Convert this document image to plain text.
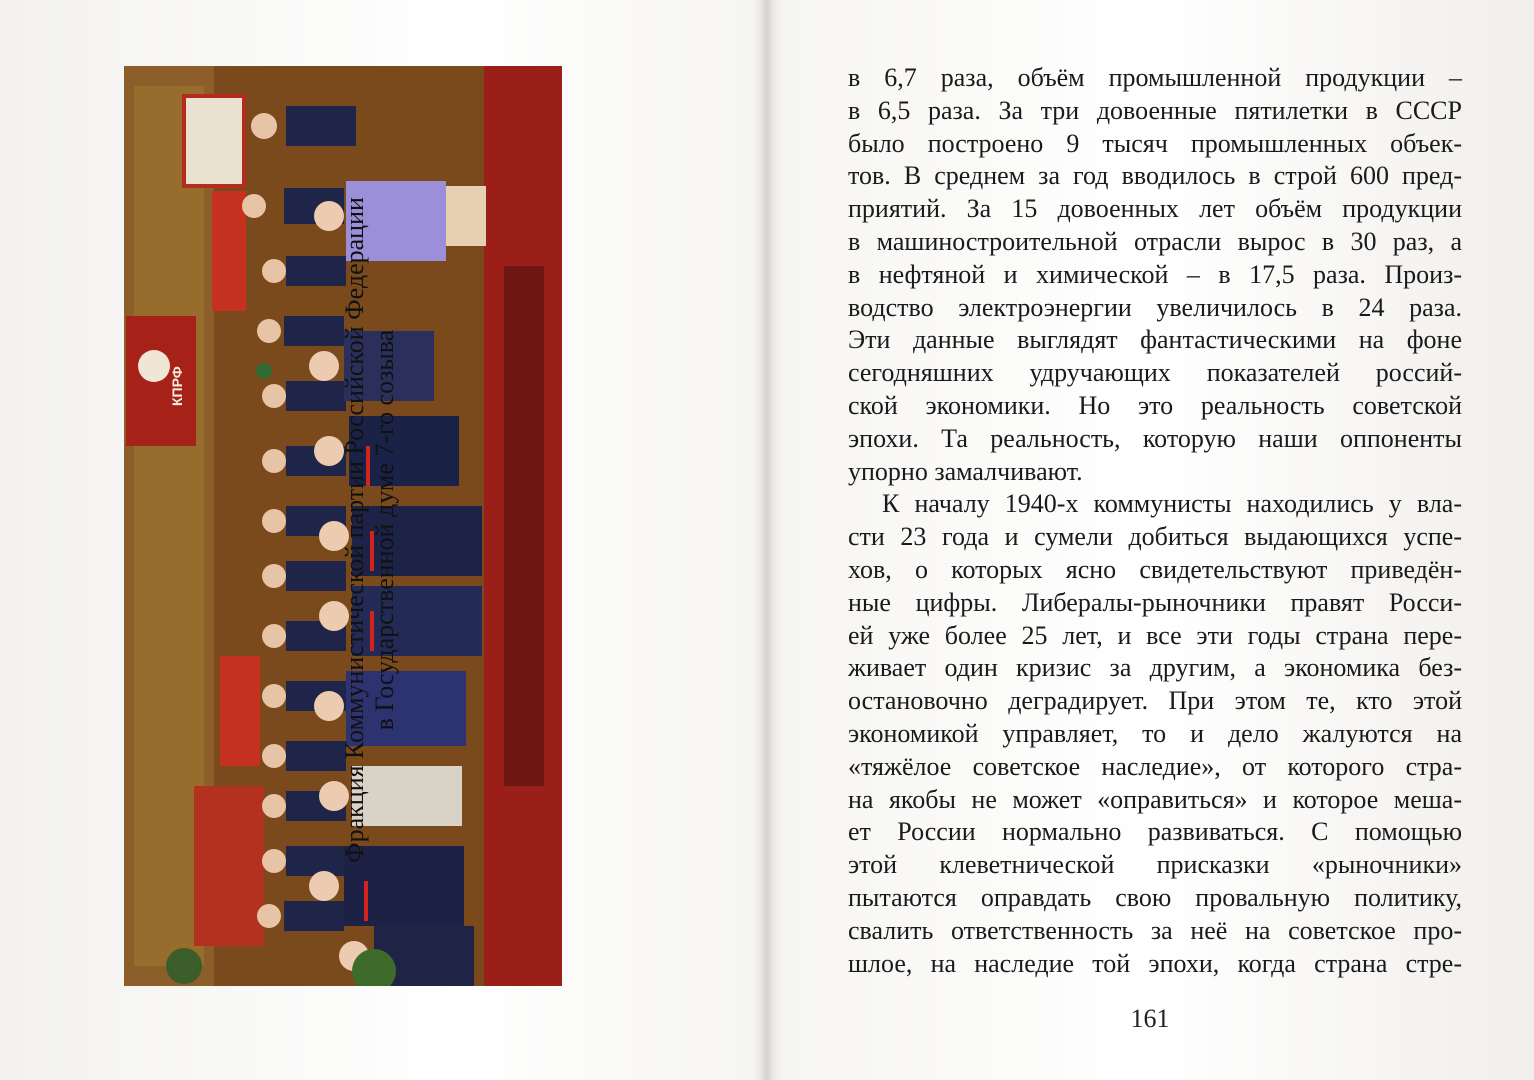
КПРФ	Фракция Коммунистической партии Российской Федерации в Государственной думе 7-го созыва
в 6,7 раза, объём промышленной продукции –
в 6,5 раза. За три довоенные пятилетки в СССР
было построено 9 тысяч промышленных объек-
тов. В среднем за год вводилось в строй 600 пред-
приятий. За 15 довоенных лет объём продукции
в машиностроительной отрасли вырос в 30 раз, а
в нефтяной и химической – в 17,5 раза. Произ-
водство электроэнергии увеличилось в 24 раза.
Эти данные выглядят фантастическими на фоне
сегодняшних удручающих показателей россий-
ской экономики. Но это реальность советской
эпохи. Та реальность, которую наши оппоненты
упорно замалчивают.
К началу 1940-х коммунисты находились у вла-
сти 23 года и сумели добиться выдающихся успе-
хов, о которых ясно свидетельствуют приведён-
ные цифры. Либералы-рыночники правят Росси-
ей уже более 25 лет, и все эти годы страна пере-
живает один кризис за другим, а экономика без-
остановочно деградирует. При этом те, кто этой
экономикой управляет, то и дело жалуются на
«тяжёлое советское наследие», от которого стра-
на якобы не может «оправиться» и которое меша-
ет России нормально развиваться. С помощью
этой клеветнической присказки «рыночники»
пытаются оправдать свою провальную политику,
свалить ответственность за неё на советское про-
шлое, на наследие той эпохи, когда страна стре-
161
